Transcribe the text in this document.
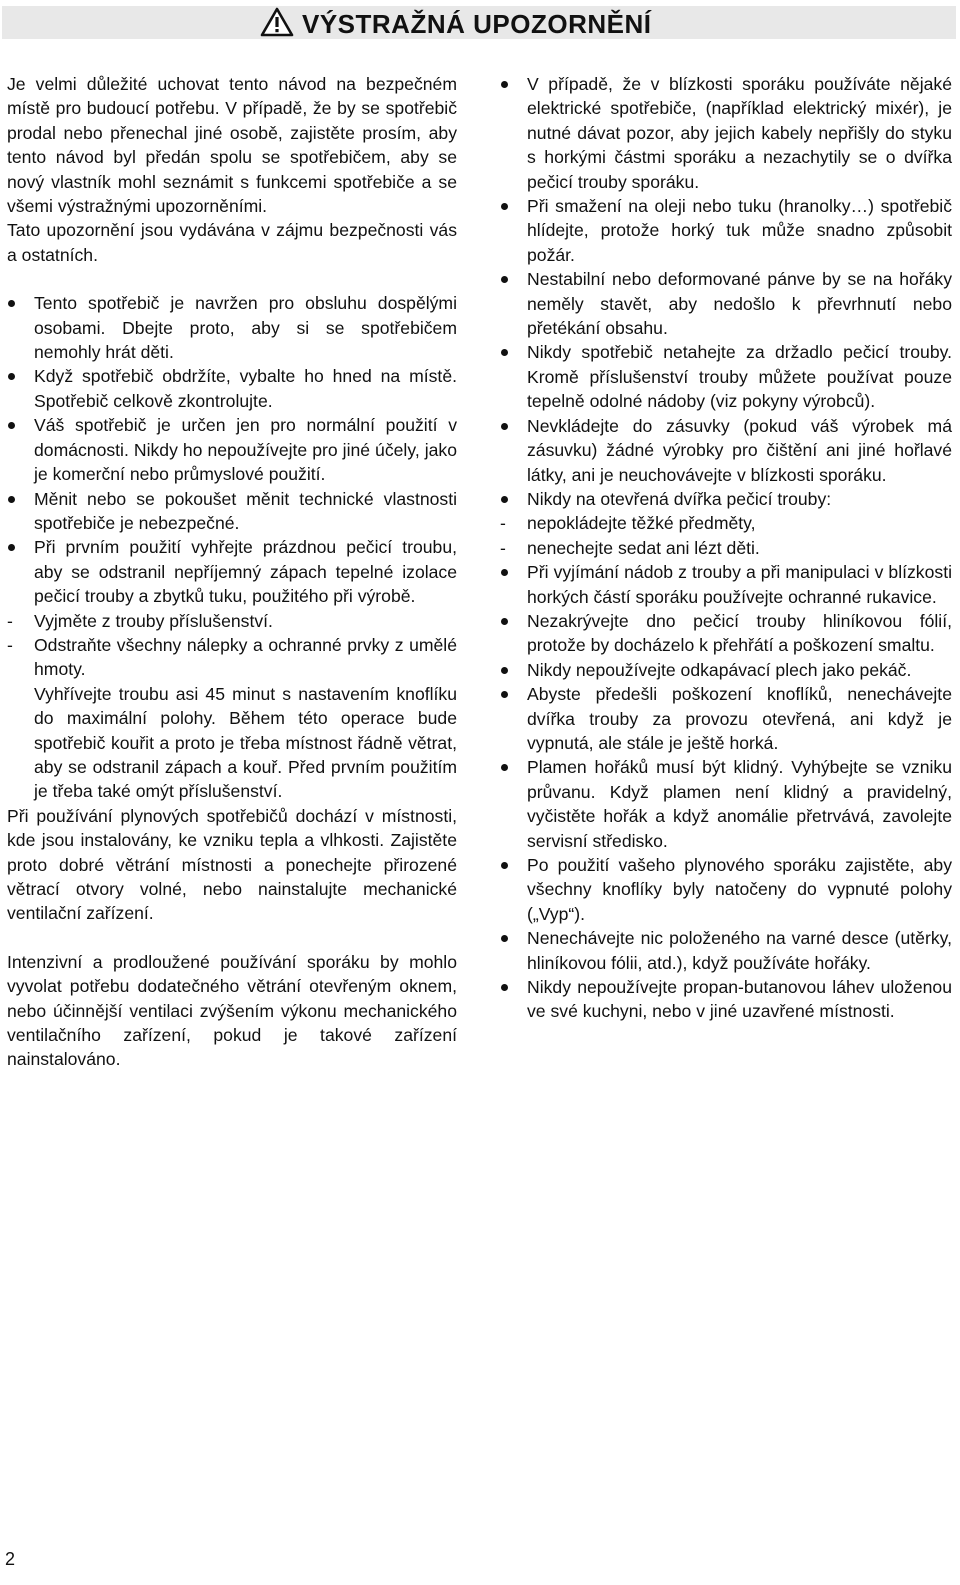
VÝSTRAŽNÁ UPOZORNĚNÍ

Je velmi důležité uchovat tento návod na bezpečném místě pro budoucí potřebu. V případě, že by se spotřebič prodal nebo přenechal jiné osobě, zajistěte prosím, aby tento návod byl předán spolu se spotřebičem, aby se nový vlastník mohl seznámit s funkcemi spotřebiče a se všemi výstražnými upozorněními.

Tato upozornění jsou vydávána v zájmu bezpečnosti vás a ostatních.

Tento spotřebič je navržen pro obsluhu dospělými osobami. Dbejte proto, aby si se spotřebičem nemohly hrát děti.
Když spotřebič obdržíte, vybalte ho hned na místě. Spotřebič celkově zkontrolujte.
Váš spotřebič je určen jen pro normální použití v domácnosti. Nikdy ho nepoužívejte pro jiné účely, jako je komerční nebo průmyslové použití.
Měnit nebo se pokoušet měnit technické vlastnosti spotřebiče je nebezpečné.
Při prvním použití vyhřejte prázdnou pečicí troubu, aby se odstranil nepříjemný zápach tepelné izolace pečicí trouby a zbytků tuku, použitého při výrobě.
-	Vyjměte z trouby příslušenství.
-	Odstraňte všechny nálepky a ochranné prvky z umělé hmoty.

Vyhřívejte troubu asi 45 minut s nastavením knoflíku do maximální polohy. Během této operace bude spotřebič kouřit a proto je třeba místnost řádně větrat, aby se odstranil zápach a kouř. Před prvním použitím je třeba také omýt příslušenství.

Při používání plynových spotřebičů dochází v místnosti, kde jsou instalovány, ke vzniku tepla a vlhkosti. Zajistěte proto dobré větrání místnosti a ponechejte přirozené větrací otvory volné, nebo nainstalujte mechanické ventilační zařízení.

Intenzivní a prodloužené používání sporáku by mohlo vyvolat potřebu dodatečného větrání otevřeným oknem, nebo účinnější ventilaci zvýšením výkonu mechanického ventilačního zařízení, pokud je takové zařízení nainstalováno.

V případě, že v blízkosti sporáku používáte nějaké elektrické spotřebiče, (například elektrický mixér), je nutné dávat pozor, aby jejich kabely nepřišly do styku s horkými částmi sporáku a nezachytily se o dvířka pečicí trouby sporáku.
Při smažení na oleji nebo tuku (hranolky…) spotřebič hlídejte, protože horký tuk může snadno způsobit požár.
Nestabilní nebo deformované pánve by se na hořáky neměly stavět, aby nedošlo k převrhnutí nebo přetékání obsahu.
Nikdy spotřebič netahejte za držadlo pečicí trouby. Kromě příslušenství trouby můžete používat pouze tepelně odolné nádoby (viz pokyny výrobců).
Nevkládejte do zásuvky (pokud váš výrobek má zásuvku) žádné výrobky pro čištění ani jiné hořlavé látky, ani je neuchovávejte v blízkosti sporáku.
Nikdy na otevřená dvířka pečicí trouby:
-	nepokládejte těžké předměty,
-	nenechejte sedat ani lézt děti.
Při vyjímání nádob z trouby a při manipulaci v blízkosti horkých částí sporáku používejte ochranné rukavice.
Nezakrývejte dno pečicí trouby hliníkovou fólií, protože by docházelo k přehřátí a poškození smaltu.
Nikdy nepoužívejte odkapávací plech jako pekáč.
Abyste předešli poškození knoflíků, nenechávejte dvířka trouby za provozu otevřená, ani když je vypnutá, ale stále je ještě horká.
Plamen hořáků musí být klidný. Vyhýbejte se vzniku průvanu. Když plamen není klidný a pravidelný, vyčistěte hořák a když anomálie přetrvává, zavolejte servisní středisko.
Po použití vašeho plynového sporáku zajistěte, aby všechny knoflíky byly natočeny do vypnuté polohy („Vyp“).
Nenechávejte nic položeného na varné desce (utěrky, hliníkovou fólii, atd.), když používáte hořáky.
Nikdy nepoužívejte propan-butanovou láhev uloženou ve své kuchyni, nebo v jiné uzavřené místnosti.
2
